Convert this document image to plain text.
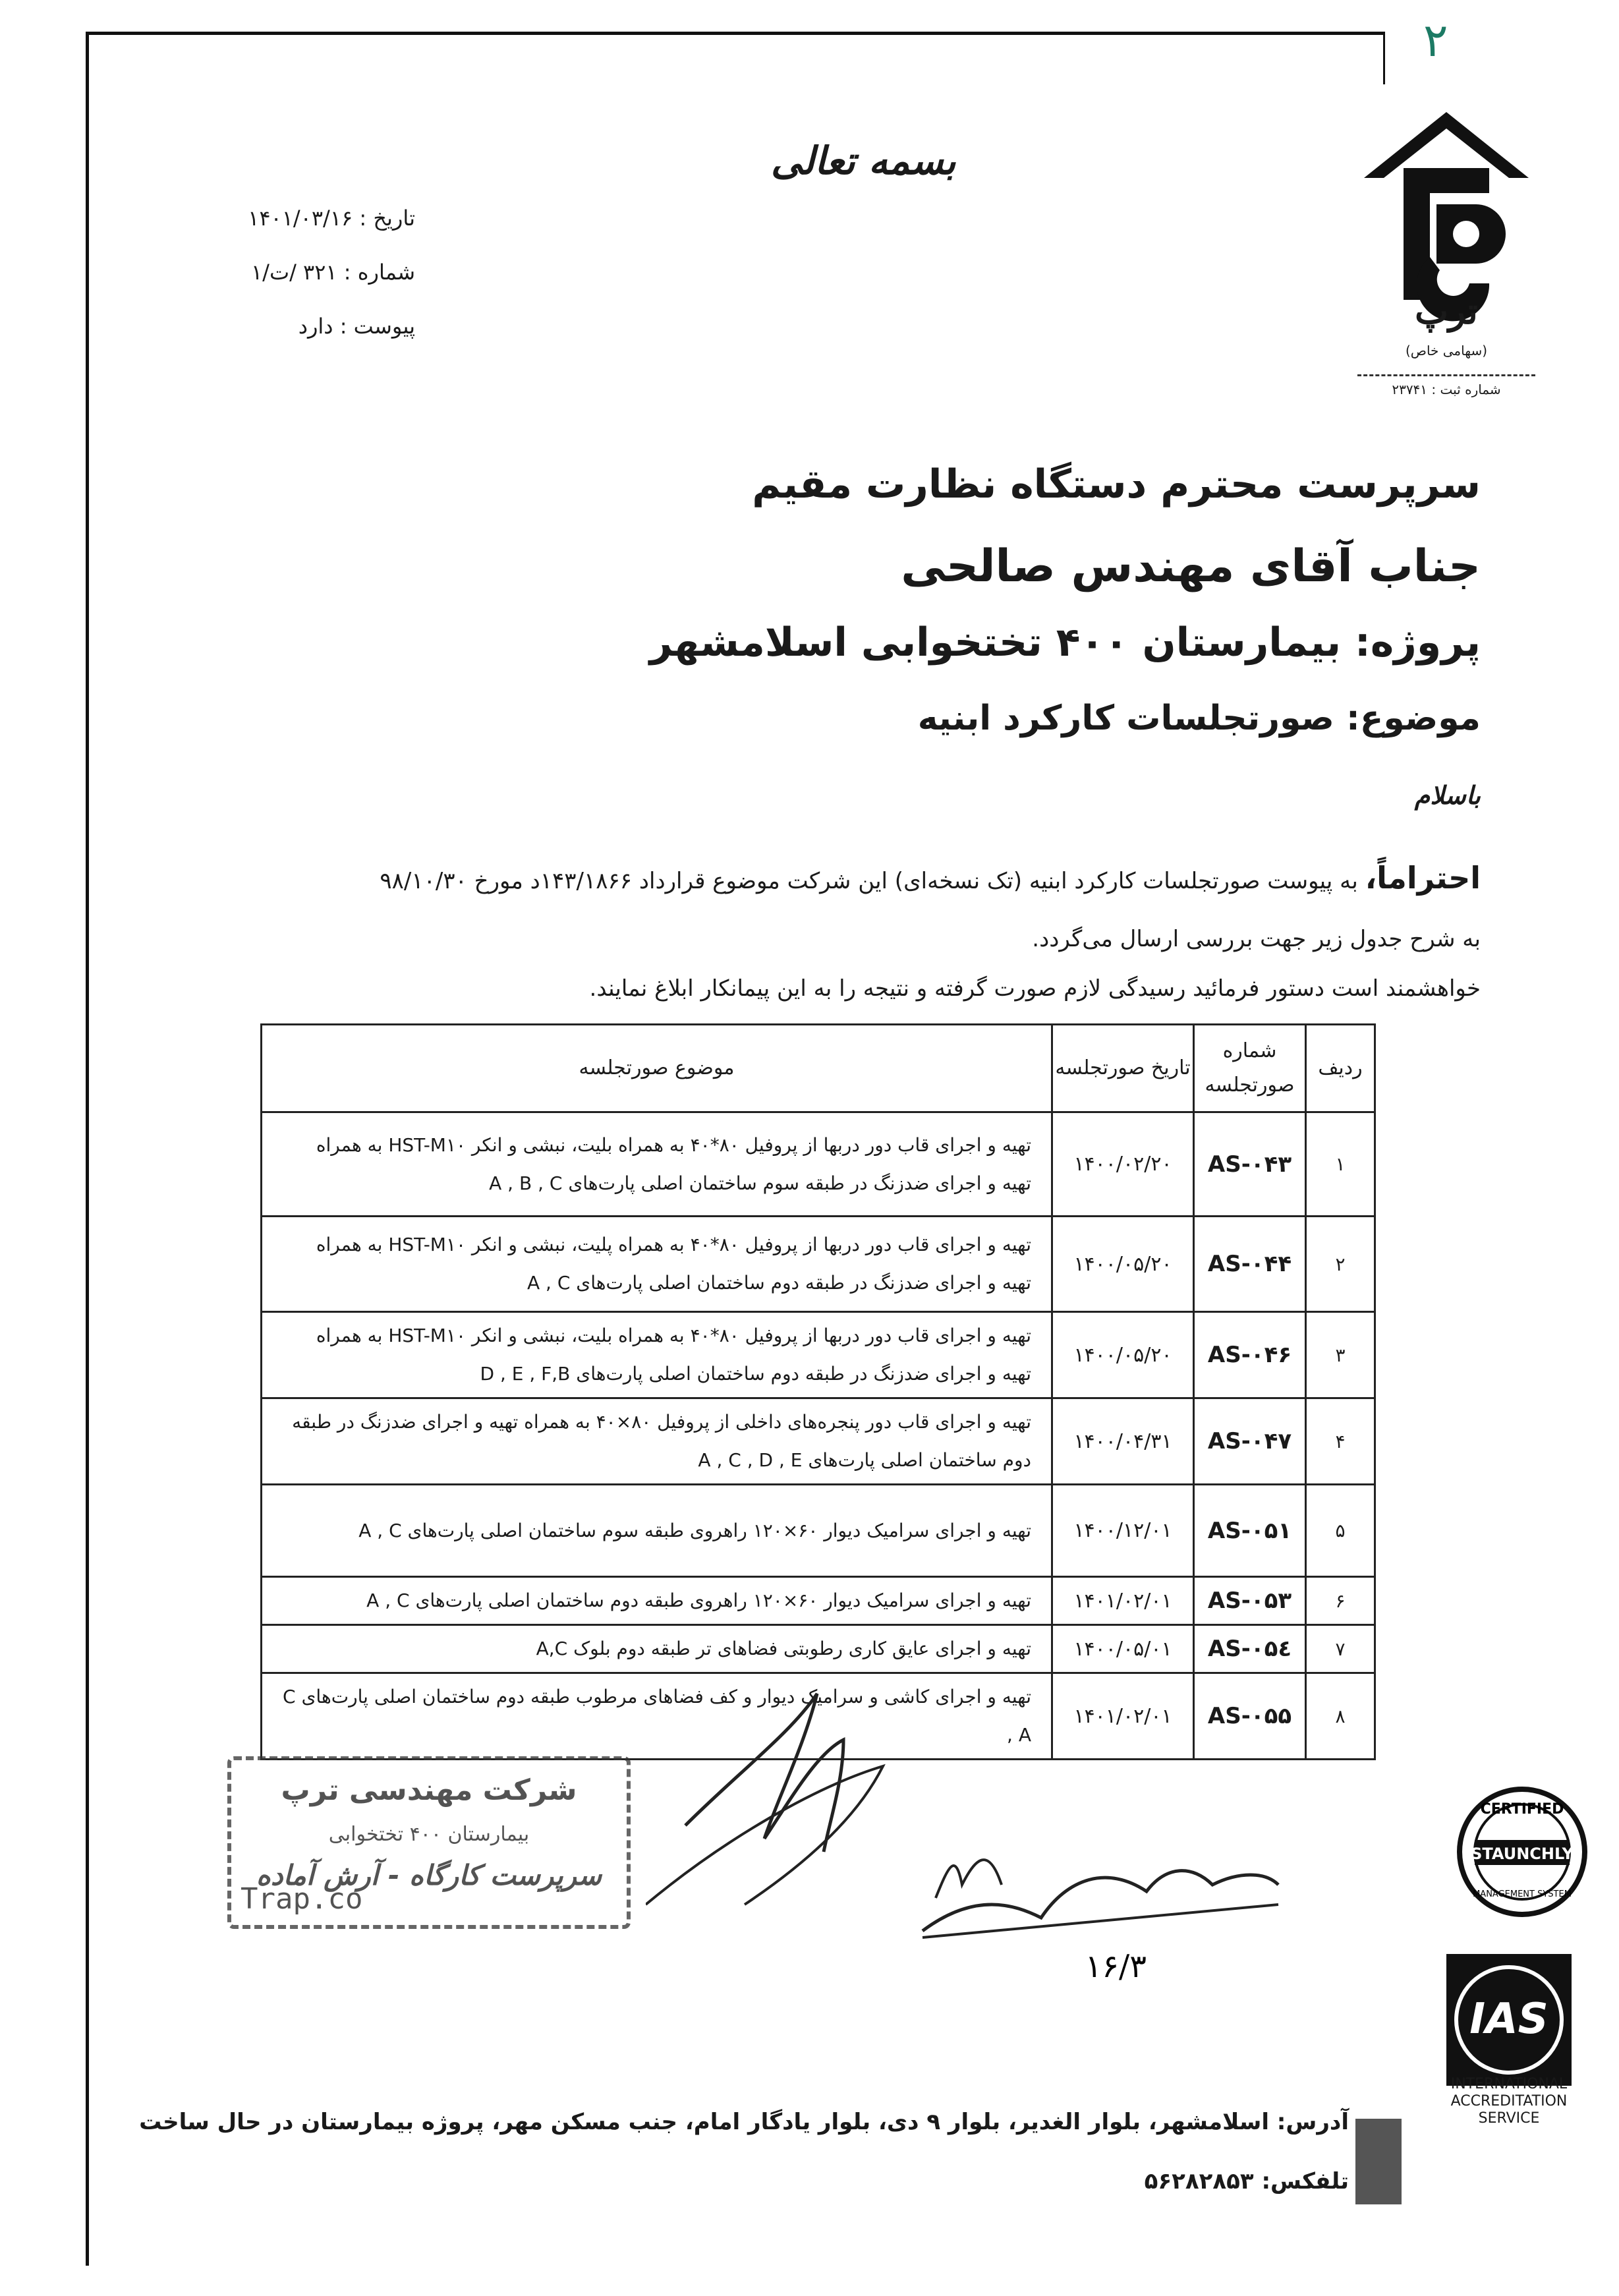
۲
بسمه تعالی
تاریخ : ۱۴۰۱/۰۳/۱۶
شماره : ۳۲۱ /ت/۱
پیوست : دارد	ترپ
(سهامی خاص)
شماره ثبت : ۲۳۷۴۱
سرپرست محترم دستگاه نظارت مقیم
جناب آقای مهندس صالحی
پروژه: بیمارستان ۴۰۰ تختخوابی اسلامشهر
موضوع: صورتجلسات کارکرد ابنیه
باسلام
احتراماً، به پیوست صورتجلسات کارکرد ابنیه (تک نسخه‌ای) این شرکت موضوع قرارداد ۱۴۳/۱۸۶۶د مورخ ۹۸/۱۰/۳۰
به شرح جدول زیر جهت بررسی ارسال می‌گردد.
خواهشمند است دستور فرمائید رسیدگی لازم صورت گرفته و نتیجه را به این پیمانکار ابلاغ نمایند.
ردیف	شماره صورتجلسه	تاریخ صورتجلسه	موضوع صورتجلسه
۱	AS-۰۴۳	۱۴۰۰/۰۲/۲۰	تهیه و اجرای قاب دور دربها از پروفیل ۸۰*۴۰ به همراه بلیت، نبشی و انکر HST-M۱۰ به همراه تهیه و اجرای ضدزنگ در طبقه سوم ساختمان اصلی پارت‌های A , B , C
۲	AS-۰۴۴	۱۴۰۰/۰۵/۲۰	تهیه و اجرای قاب دور دربها از پروفیل ۸۰*۴۰ به همراه پلیت، نبشی و انکر HST-M۱۰ به همراه تهیه و اجرای ضدزنگ در طبقه دوم ساختمان اصلی پارت‌های A , C
۳	AS-۰۴۶	۱۴۰۰/۰۵/۲۰	تهیه و اجرای قاب دور دربها از پروفیل ۸۰*۴۰ به همراه بلیت، نبشی و انکر HST-M۱۰ به همراه تهیه و اجرای ضدزنگ در طبقه دوم ساختمان اصلی پارت‌های D , E , F,B
۴	AS-۰۴۷	۱۴۰۰/۰۴/۳۱	تهیه و اجرای قاب دور پنجره‌های داخلی از پروفیل ۸۰×۴۰ به همراه تهیه و اجرای ضدزنگ در طبقه دوم ساختمان اصلی پارت‌های A , C , D , E
۵	AS-۰۵۱	۱۴۰۰/۱۲/۰۱	تهیه و اجرای سرامیک دیوار ۶۰×۱۲۰ راهروی طبقه سوم ساختمان اصلی پارت‌های A , C
۶	AS-۰۵۳	۱۴۰۱/۰۲/۰۱	تهیه و اجرای سرامیک دیوار ۶۰×۱۲۰ راهروی طبقه دوم ساختمان اصلی پارت‌های A , C
۷	AS-۰۵٤	۱۴۰۰/۰۵/۰۱	تهیه و اجرای عایق کاری رطوبتی فضاهای تر طبقه دوم بلوک A,C
۸	AS-۰۵۵	۱۴۰۱/۰۲/۰۱	تهیه و اجرای کاشی و سرامیک دیوار و کف فضاهای مرطوب طبقه دوم ساختمان اصلی پارت‌های C , A
شرکت مهندسی ترپ
بیمارستان ۴۰۰ تختخوابی
سرپرست کارگاه - آرش آماده
Trap.co
۱۶/۳
STAUNCHLY
CERTIFIED
MANAGEMENT SYSTEM
IAS
INTERNATIONAL
ACCREDITATION
SERVICE
آدرس: اسلامشهر، بلوار الغدیر، بلوار ۹ دی، بلوار یادگار امام، جنب مسکن مهر، پروژه بیمارستان در حال ساخت
تلفکس: ۵۶۲۸۲۸۵۳
